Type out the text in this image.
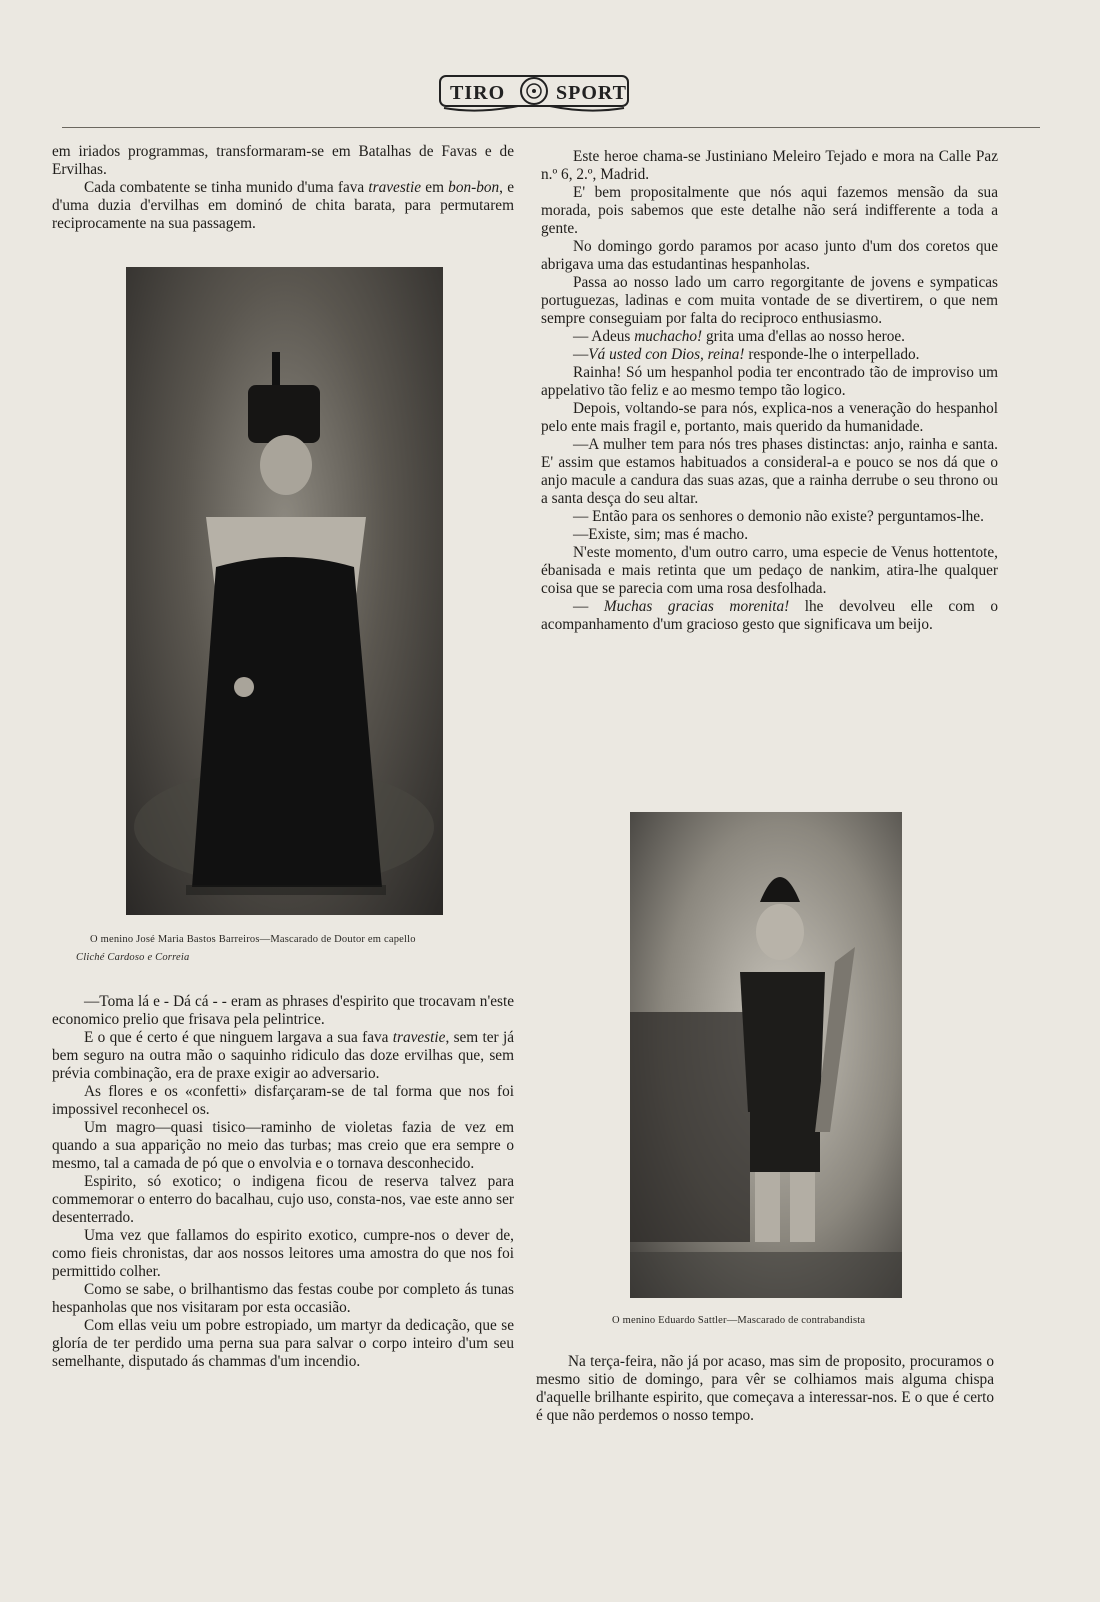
TIRO	SPORT

em iriados programmas, transformaram-se em Batalhas de Favas e de Ervilhas.

Cada combatente se tinha munido d'uma fava travestie em bon-bon, e d'uma duzia d'ervilhas em dominó de chita barata, para permutarem reciprocamente na sua passagem.

O menino José Maria Bastos Barreiros—Mascarado de Doutor em capello
Cliché Cardoso e Correia

—Toma lá e - Dá cá - - eram as phrases d'espirito que trocavam n'este economico prelio que frisava pela pelintrice.

E o que é certo é que ninguem largava a sua fava travestie, sem ter já bem seguro na outra mão o saquinho ridiculo das doze ervilhas que, sem prévia combinação, era de praxe exigir ao adversario.

As flores e os «confetti» disfarçaram-se de tal forma que nos foi impossivel reconhecel os.

Um magro—quasi tisico—raminho de violetas fazia de vez em quando a sua apparição no meio das turbas; mas creio que era sempre o mesmo, tal a camada de pó que o envolvia e o tornava desconhecido.

Espirito, só exotico; o indigena ficou de reserva talvez para commemorar o enterro do bacalhau, cujo uso, consta-nos, vae este anno ser desenterrado.

Uma vez que fallamos do espirito exotico, cumpre-nos o dever de, como fieis chronistas, dar aos nossos leitores uma amostra do que nos foi permittido colher.

Como se sabe, o brilhantismo das festas coube por completo ás tunas hespanholas que nos visitaram por esta occasião.

Com ellas veiu um pobre estropiado, um martyr da dedicação, que se gloría de ter perdido uma perna sua para salvar o corpo inteiro d'um seu semelhante, disputado ás chammas d'um incendio.

Este heroe chama-se Justiniano Meleiro Tejado e mora na Calle Paz n.º 6, 2.º, Madrid.

E' bem propositalmente que nós aqui fazemos mensão da sua morada, pois sabemos que este detalhe não será indifferente a toda a gente.

No domingo gordo paramos por acaso junto d'um dos coretos que abrigava uma das estudantinas hespanholas.

Passa ao nosso lado um carro regorgitante de jovens e sympaticas portuguezas, ladinas e com muita vontade de se divertirem, o que nem sempre conseguiam por falta do reciproco enthusiasmo.

— Adeus muchacho! grita uma d'ellas ao nosso heroe.

—Vá usted con Dios, reina! responde-lhe o interpellado.

Rainha! Só um hespanhol podia ter encontrado tão de improviso um appelativo tão feliz e ao mesmo tempo tão logico.

Depois, voltando-se para nós, explica-nos a veneração do hespanhol pelo ente mais fragil e, portanto, mais querido da humanidade.

—A mulher tem para nós tres phases distinctas: anjo, rainha e santa. E' assim que estamos habituados a consideral-a e pouco se nos dá que o anjo macule a candura das suas azas, que a rainha derrube o seu throno ou a santa desça do seu altar.

— Então para os senhores o demonio não existe? perguntamos-lhe.

—Existe, sim; mas é macho.

N'este momento, d'um outro carro, uma especie de Venus hottentote, ébanisada e mais retinta que um pedaço de nankim, atira-lhe qualquer coisa que se parecia com uma rosa desfolhada.

— Muchas gracias morenita! lhe devolveu elle com o acompanhamento d'um gracioso gesto que significava um beijo.

O menino Eduardo Sattler—Mascarado de contrabandista

Na terça-feira, não já por acaso, mas sim de proposito, procuramos o mesmo sitio de domingo, para vêr se colhiamos mais alguma chispa d'aquelle brilhante espirito, que começava a interessar-nos. E o que é certo é que não perdemos o nosso tempo.
